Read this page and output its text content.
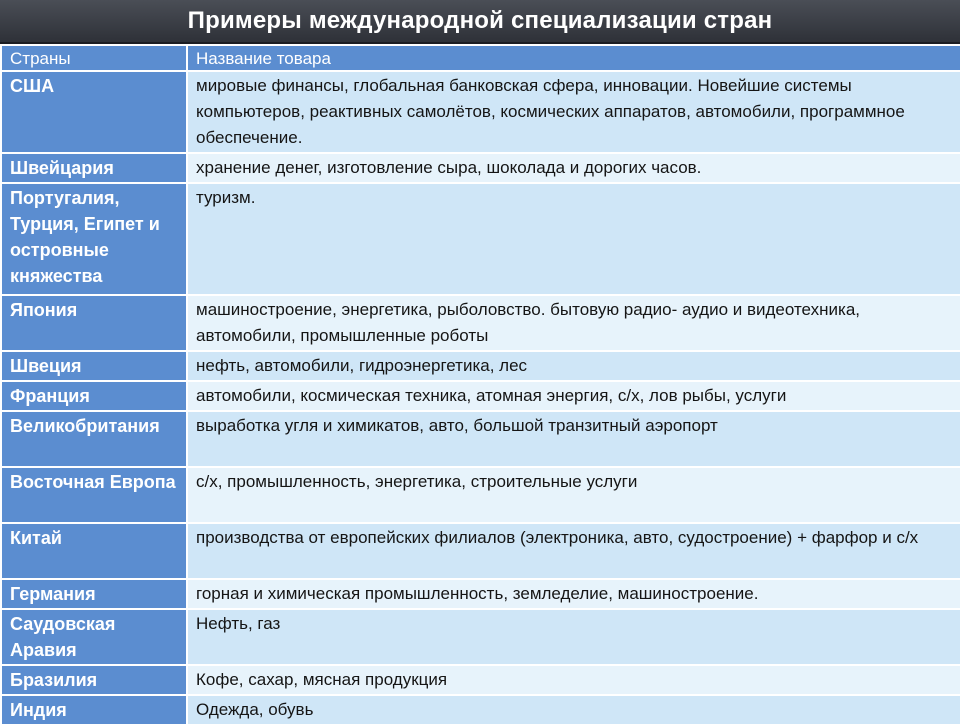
Примеры международной специализации стран
Страны	Название товара
США	мировые финансы, глобальная банковская сфера, инновации. Новейшие системы компьютеров, реактивных самолётов, космических аппаратов, автомобили, программное обеспечение.
Швейцария	хранение денег, изготовление сыра, шоколада и дорогих часов.
Португалия, Турция, Египет и островные княжества	туризм.
Япония	машиностроение, энергетика, рыболовство. бытовую радио- аудио и видеотехника, автомобили, промышленные роботы
Швеция	нефть, автомобили, гидроэнергетика, лес
Франция	автомобили, космическая техника, атомная энергия, с/х, лов рыбы, услуги
Великобритания	выработка угля и химикатов, авто, большой транзитный аэропорт
Восточная Европа	с/х, промышленность, энергетика, строительные услуги
Китай	производства от европейских филиалов (электроника, авто, судостроение) + фарфор и с/х
Германия	горная и химическая промышленность, земледелие, машиностроение.
Саудовская Аравия	Нефть, газ
Бразилия	Кофе, сахар, мясная продукция
Индия	Одежда, обувь
